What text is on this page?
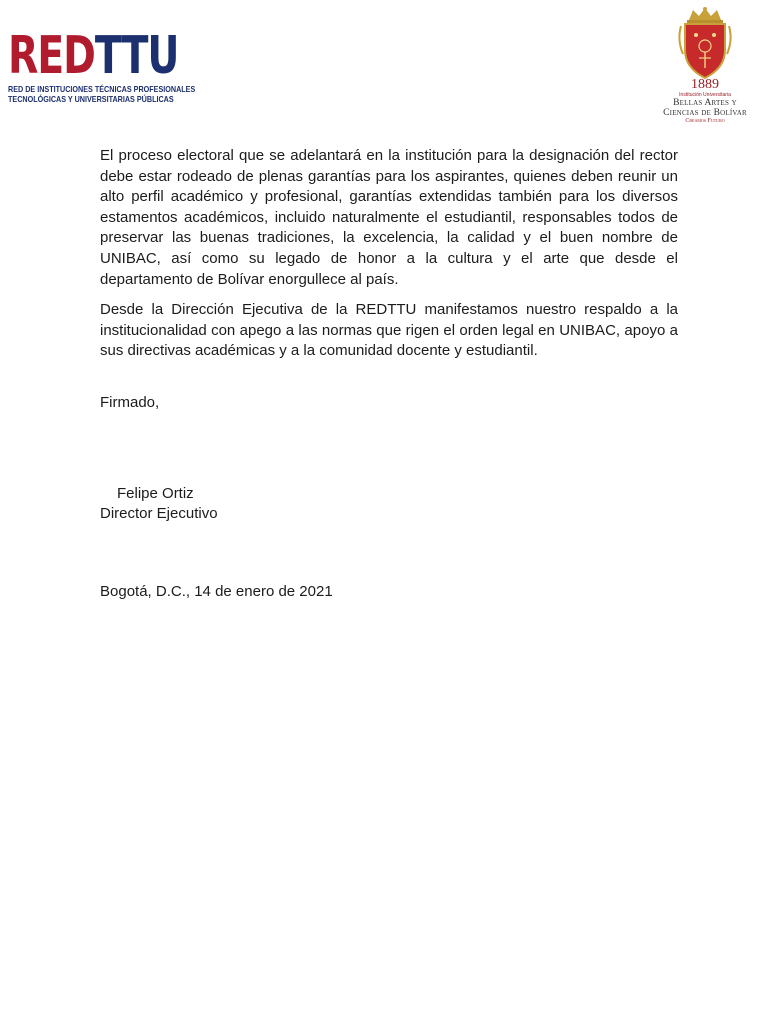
REDTTU
RED DE INSTITUCIONES TÉCNICAS PROFESIONALES
TECNOLÓGICAS Y UNIVERSITARIAS PÚBLICAS
1889
Institución Universitaria
Bellas Artes y
Ciencias de Bolívar
Creamos Futuro

El proceso electoral que se adelantará en la institución para la designación del rector debe estar rodeado de plenas garantías para los aspirantes, quienes deben reunir un alto perfil académico y profesional, garantías extendidas también para los diversos estamentos académicos, incluido naturalmente el estudiantil, responsables todos de preservar las buenas tradiciones, la excelencia, la calidad y el buen nombre de UNIBAC, así como su legado de honor a la cultura y el arte que desde el departamento de Bolívar enorgullece al país.

Desde la Dirección Ejecutiva de la REDTTU manifestamos nuestro respaldo a la institucionalidad con apego a las normas que rigen el orden legal en UNIBAC, apoyo a sus directivas académicas y a la comunidad docente y estudiantil.

Firmado,
Felipe Ortiz
Director Ejecutivo
Bogotá, D.C., 14 de enero de 2021
